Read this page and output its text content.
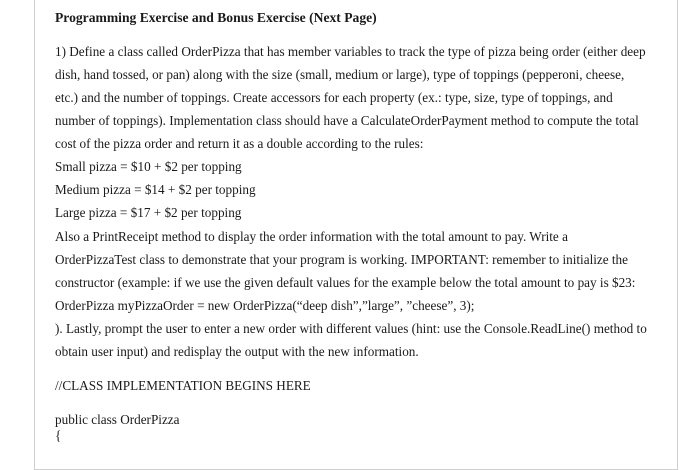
Programming Exercise and Bonus Exercise (Next Page)
1) Define a class called OrderPizza that has member variables to track the type of pizza being order (either deep
dish, hand tossed, or pan) along with the size (small, medium or large), type of toppings (pepperoni, cheese,
etc.) and the number of toppings. Create accessors for each property (ex.: type, size, type of toppings, and
number of toppings). Implementation class should have a CalculateOrderPayment method to compute the total
cost of the pizza order and return it as a double according to the rules:
Small pizza = $10 + $2 per topping
Medium pizza = $14 + $2 per topping
Large pizza = $17 + $2 per topping
Also a PrintReceipt method to display the order information with the total amount to pay. Write a
OrderPizzaTest class to demonstrate that your program is working. IMPORTANT: remember to initialize the
constructor (example: if we use the given default values for the example below the total amount to pay is $23:
OrderPizza myPizzaOrder = new OrderPizza(“deep dish”,”large”, ”cheese”, 3);
). Lastly, prompt the user to enter a new order with different values (hint: use the Console.ReadLine() method to
obtain user input) and redisplay the output with the new information.
//CLASS IMPLEMENTATION BEGINS HERE
public class OrderPizza
{
